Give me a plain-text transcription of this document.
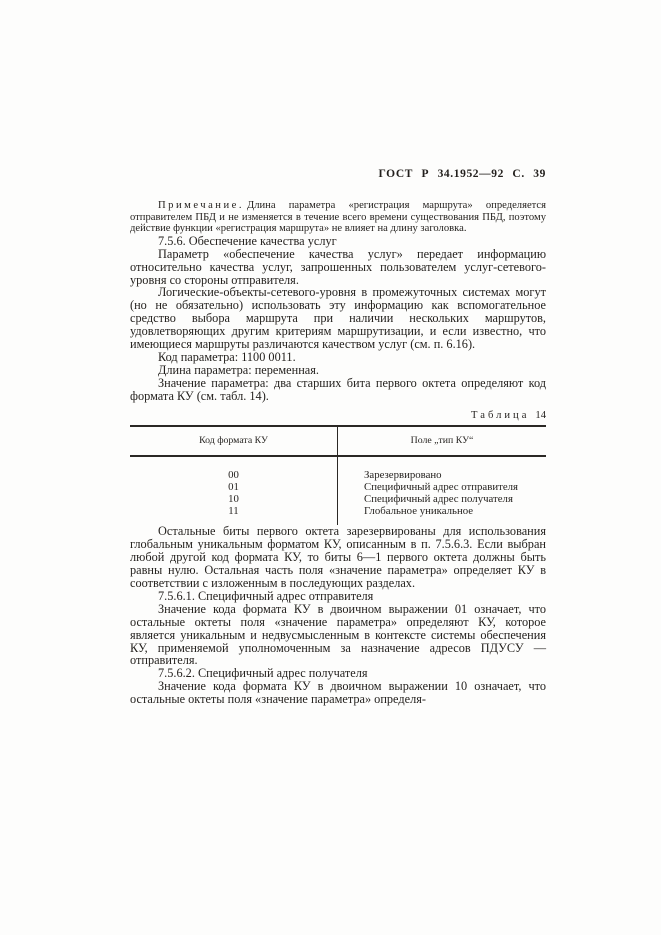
ГОСТ Р 34.1952—92 С. 39

Примечание. Длина параметра «регистрация маршрута» определяется отправителем ПБД и не изменяется в течение всего времени существования ПБД, поэтому действие функции «регистрация маршрута» не влияет на длину заголовка.

7.5.6. Обеспечение качества услуг

Параметр «обеспечение качества услуг» передает информацию относительно качества услуг, запрошенных пользователем услуг-сетевого-уровня со стороны отправителя.

Логические-объекты-сетевого-уровня в промежуточных системах могут (но не обязательно) использовать эту информацию как вспомогательное средство выбора маршрута при наличии нескольких маршрутов, удовлетворяющих другим критериям маршрутизации, и если известно, что имеющиеся маршруты различаются качеством услуг (см. п. 6.16).

Код параметра: 1100 0011.

Длина параметра: переменная.

Значение параметра: два старших бита первого октета определяют код формата КУ (см. табл. 14).

Таблица 14
Код формата КУ	Поле „тип КУ“
00
01
10
11
Зарезервировано
Специфичный адрес отправителя
Специфичный адрес получателя
Глобальное уникальное

Остальные биты первого октета зарезервированы для использования глобальным уникальным форматом КУ, описанным в п. 7.5.6.3. Если выбран любой другой код формата КУ, то биты 6—1 первого октета должны быть равны нулю. Остальная часть поля «значение параметра» определяет КУ в соответствии с изложенным в последующих разделах.

7.5.6.1. Специфичный адрес отправителя

Значение кода формата КУ в двоичном выражении 01 означает, что остальные октеты поля «значение параметра» определяют КУ, которое является уникальным и недвусмысленным в контексте системы обеспечения КУ, применяемой уполномоченным за назначение адресов ПДУСУ — отправителя.

7.5.6.2. Специфичный адрес получателя

Значение кода формата КУ в двоичном выражении 10 означает, что остальные октеты поля «значение параметра» определя-
